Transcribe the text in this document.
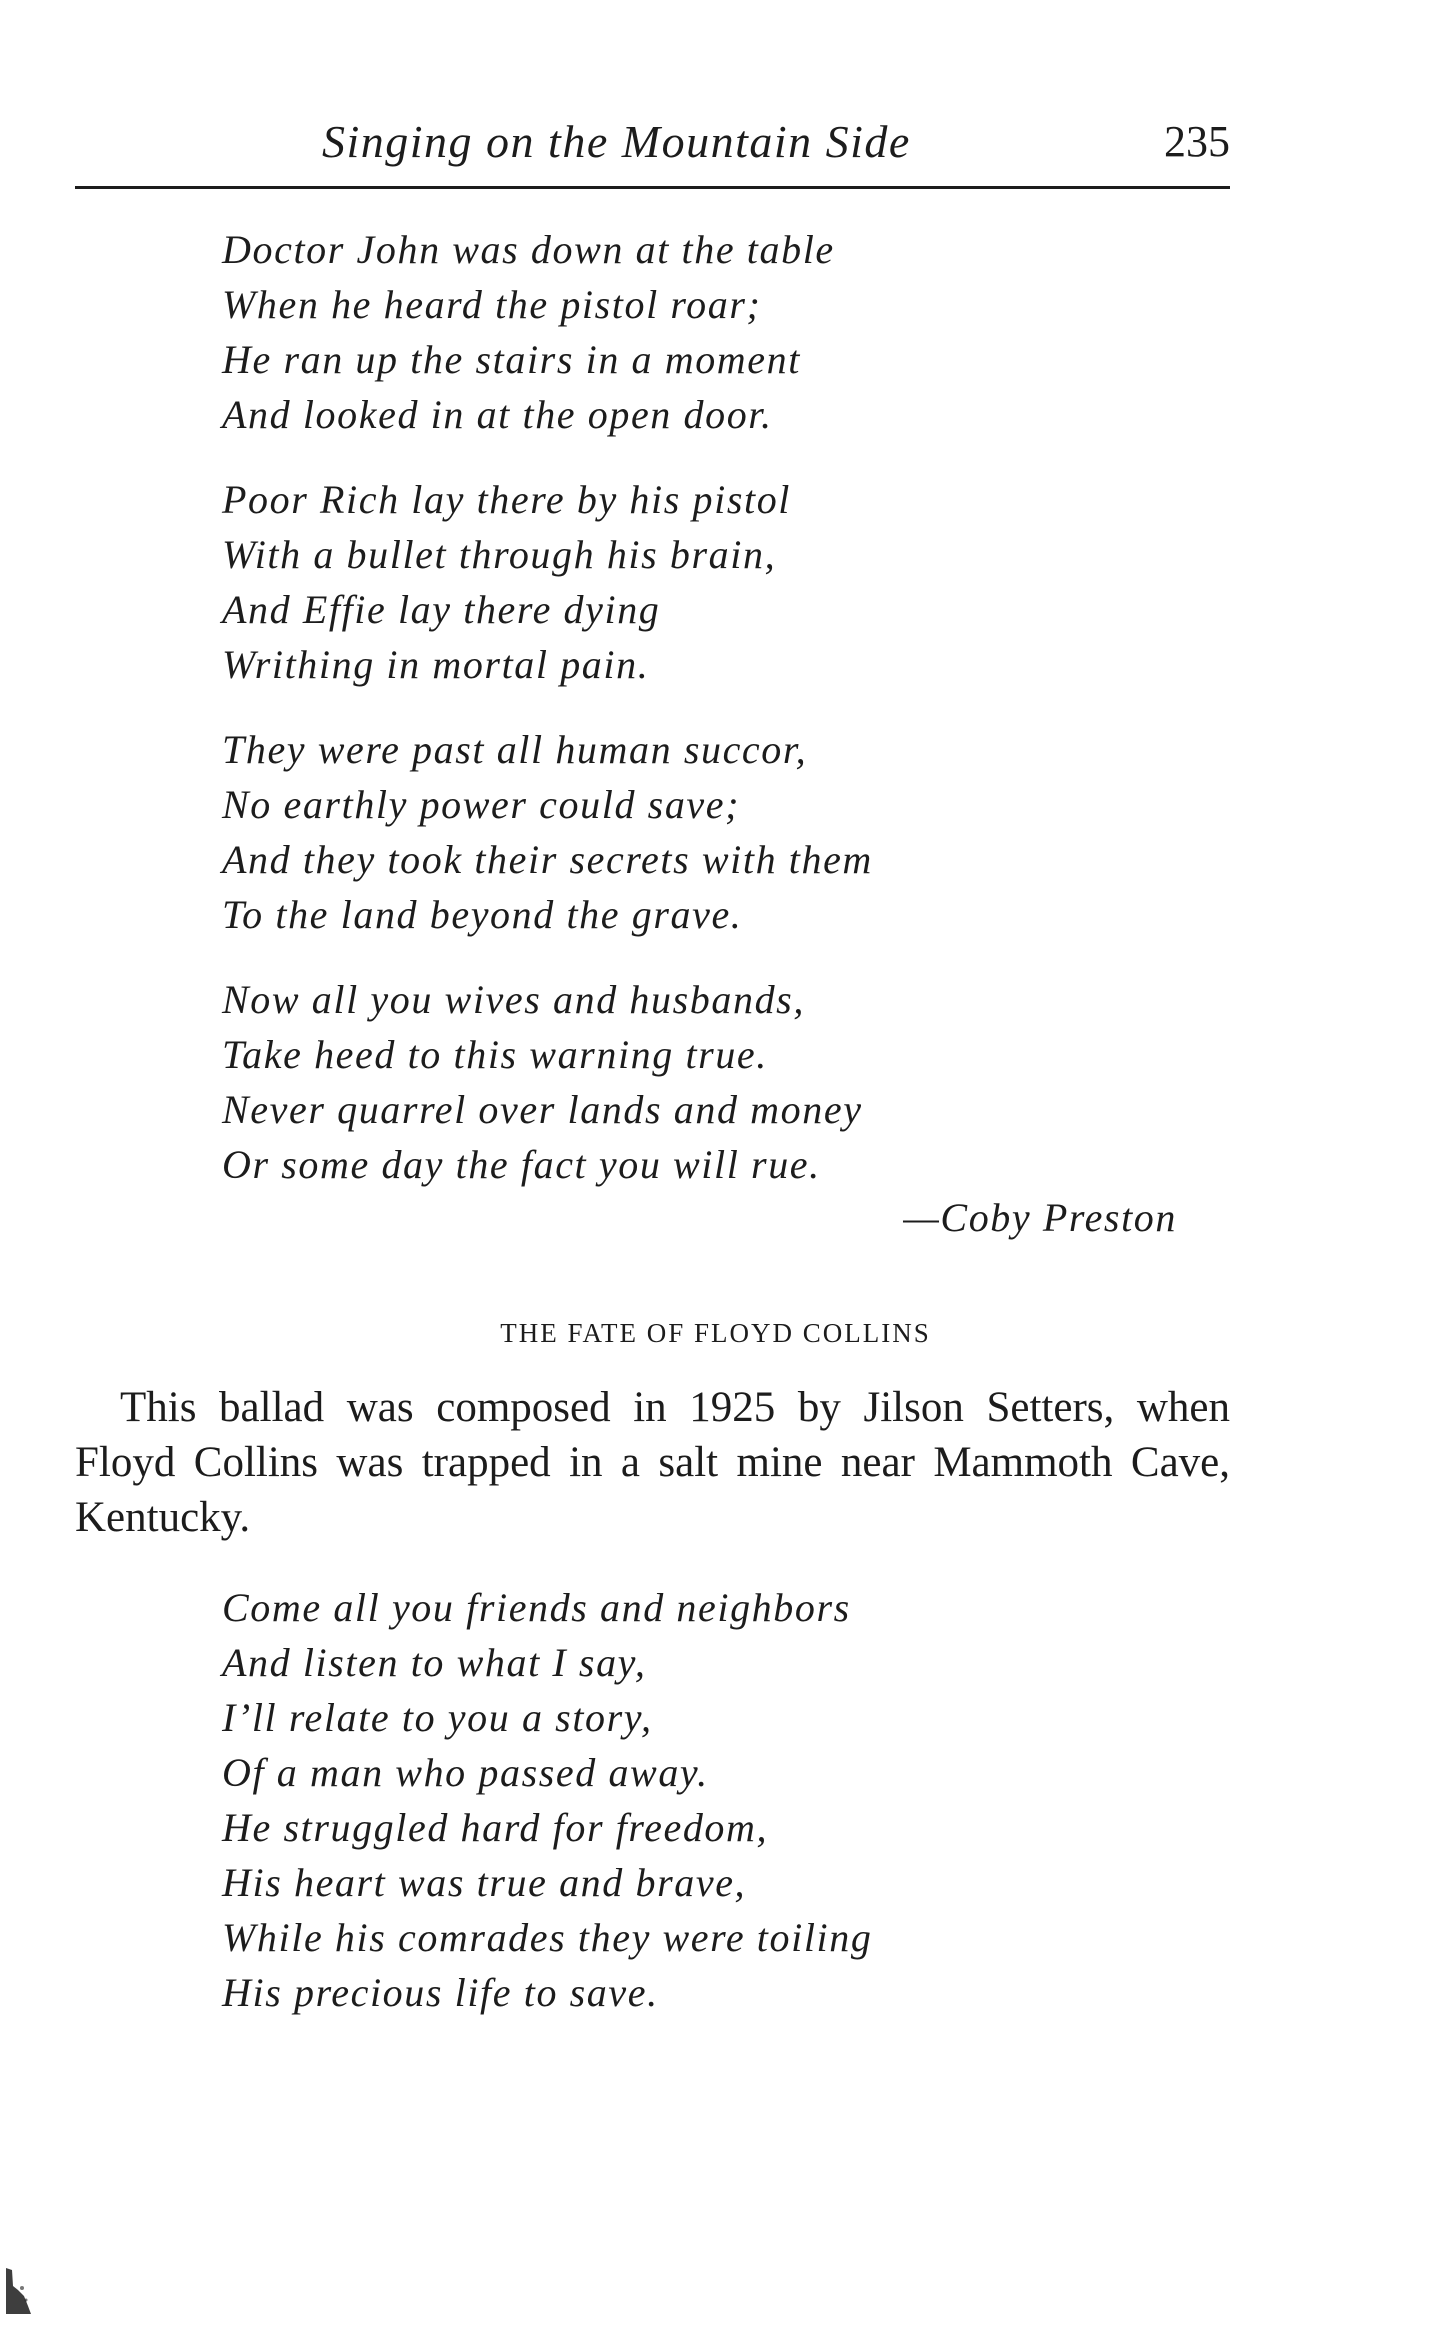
Singing on the Mountain Side	235
Doctor John was down at the table
When he heard the pistol roar;
He ran up the stairs in a moment
And looked in at the open door.
Poor Rich lay there by his pistol
With a bullet through his brain,
And Effie lay there dying
Writhing in mortal pain.
They were past all human succor,
No earthly power could save;
And they took their secrets with them
To the land beyond the grave.
Now all you wives and husbands,
Take heed to this warning true.
Never quarrel over lands and money
Or some day the fact you will rue.
—Coby Preston
THE FATE OF FLOYD COLLINS
This ballad was composed in 1925 by Jilson Setters, when Floyd Collins was trapped in a salt mine near Mammoth Cave, Kentucky.
Come all you friends and neighbors
And listen to what I say,
I’ll relate to you a story,
Of a man who passed away.
He struggled hard for freedom,
His heart was true and brave,
While his comrades they were toiling
His precious life to save.
